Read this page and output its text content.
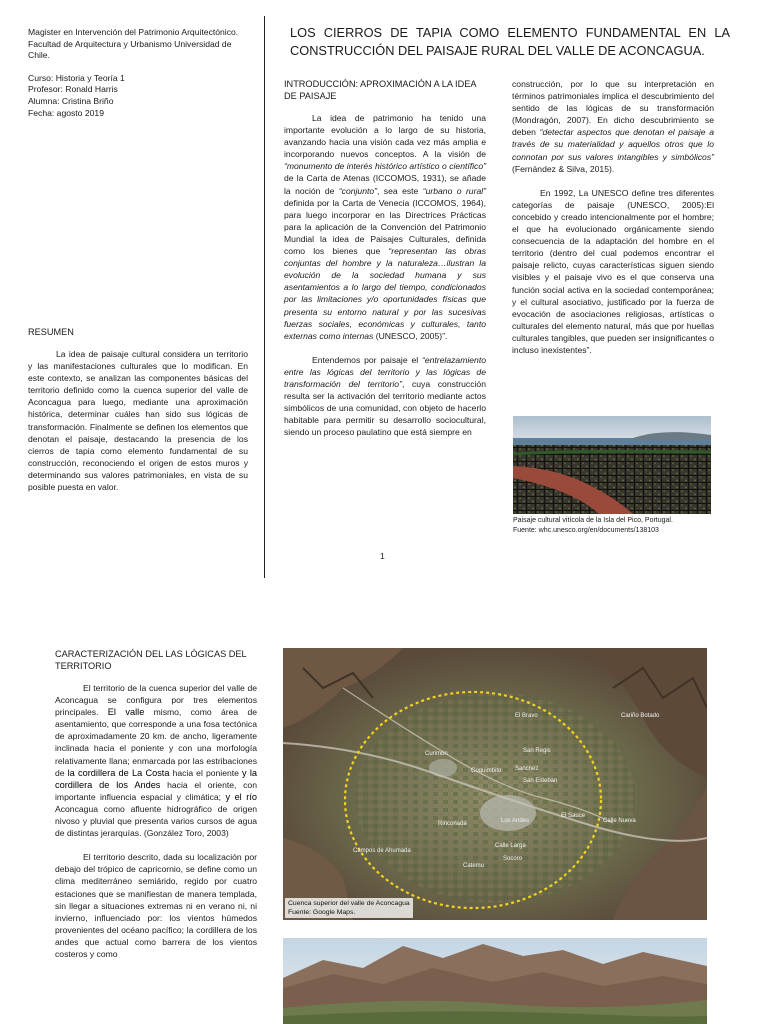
Magister en Intervención del Patrimonio Arquitectónico. Facultad de Arquitectura y Urbanismo Universidad de Chile.
Curso: Historia y Teoría 1
Profesor: Ronald Harris
Alumna: Cristina Briño
Fecha: agosto 2019
LOS CIERROS DE TAPIA COMO ELEMENTO FUNDAMENTAL EN LA CONSTRUCCIÓN DEL PAISAJE RURAL DEL VALLE DE ACONCAGUA.
RESUMEN

La idea de paisaje cultural considera un territorio y las manifestaciones culturales que lo modifican. En este contexto, se analizan las componentes básicas del territorio definido como la cuenca superior del valle de Aconcagua para luego, mediante una aproximación histórica, determinar cuáles han sido sus lógicas de transformación. Finalmente se definen los elementos que denotan el paisaje, destacando la presencia de los cierros de tapia como elemento fundamental de su construcción, reconociendo el origen de estos muros y determinando sus valores patrimoniales, en vista de su posible puesta en valor.

INTRODUCCIÓN: APROXIMACIÓN A LA IDEA DE PAISAJE

La idea de patrimonio ha tenido una importante evolución a lo largo de su historia, avanzando hacia una visión cada vez más amplia e incorporando nuevos conceptos. A la visión de “monumento de interés histórico artístico o científico” de la Carta de Atenas (ICCOMOS, 1931), se añade la noción de “conjunto”, sea este “urbano o rural” definida por la Carta de Venecia (ICCOMOS, 1964), para luego incorporar en las Directrices Prácticas para la aplicación de la Convención del Patrimonio Mundial la idea de Paisajes Culturales, definida como los bienes que “representan las obras conjuntas del hombre y la naturaleza…ilustran la evolución de la sociedad humana y sus asentamientos a lo largo del tiempo, condicionados por las limitaciones y/o oportunidades físicas que presenta su entorno natural y por las sucesivas fuerzas sociales, económicas y culturales, tanto externas como internas (UNESCO, 2005)”.

Entendemos por paisaje el “entrelazamiento entre las lógicas del territorio y las lógicas de transformación del territorio”, cuya construcción resulta ser la activación del territorio mediante actos simbólicos de una comunidad, con objeto de hacerlo habitable para permitir su desarrollo sociocultural, siendo un proceso paulatino que está siempre en

construcción, por lo que su interpretación en términos patrimoniales implica el descubrimiento del sentido de las lógicas de su transformación (Mondragón, 2007). En dicho descubrimiento se deben “detectar aspectos que denotan el paisaje a través de su materialidad y aquellos otros que lo connotan por sus valores intangibles y simbólicos” (Fernández & Silva, 2015).

En 1992, La UNESCO define tres diferentes categorías de paisaje (UNESCO, 2005):El concebido y creado intencionalmente por el hombre; el que ha evolucionado orgánicamente siendo consecuencia de la adaptación del hombre en el territorio (dentro del cual podemos encontrar el paisaje relicto, cuyas características siguen siendo visibles y el paisaje vivo es el que conserva una función social activa en la sociedad contemporánea; y el cultural asociativo, justificado por la fuerza de evocación de asociaciones religiosas, artísticas o culturales del elemento natural, más que por huellas culturales tangibles, que pueden ser insignificantes o incluso inexistentes”.

Paisaje cultural vitícola de la Isla del Pico, Portugal.
Fuente: whc.unesco.org/en/documents/138103
1
CARACTERIZACIÓN DEL LAS LÓGICAS DEL TERRITORIO

El territorio de la cuenca superior del valle de Aconcagua se configura por tres elementos principales. El valle mismo, como área de asentamiento, que corresponde a una fosa tectónica de aproximadamente 20 km. de ancho, ligeramente inclinada hacia el poniente y con una morfología relativamente llana; enmarcada por las estribaciones de la cordillera de La Costa hacia el poniente y la cordillera de los Andes hacia el oriente, con importante influencia espacial y climática; y el río Aconcagua como afluente hidrográfico de origen nivoso y pluvial que presenta varios cursos de agua de distintas jerarquías. (González Toro, 2003)

El territorio descrito, dada su localización por debajo del trópico de capricornio, se define como un clima mediterráneo semiárido, regido por cuatro estaciones que se manifiestan de manera templada, sin llegar a situaciones extremas ni en verano ni, ni invierno, influenciado por: los vientos húmedos provenientes del océano pacífico; la cordillera de los andes que actual como barrera de los vientos costeros y como

El Bravo
Curimón	San Regis
Sanchez
San Esteban
Los Andes
Rinconada
Calle Larga
Socoro
El Sauce
Cariño Botado
Catemu
Coquimbito
Calle Nueva
Campos de Ahumada
Cuenca superior del valle de Aconcagua
Fuente: Google Maps.
